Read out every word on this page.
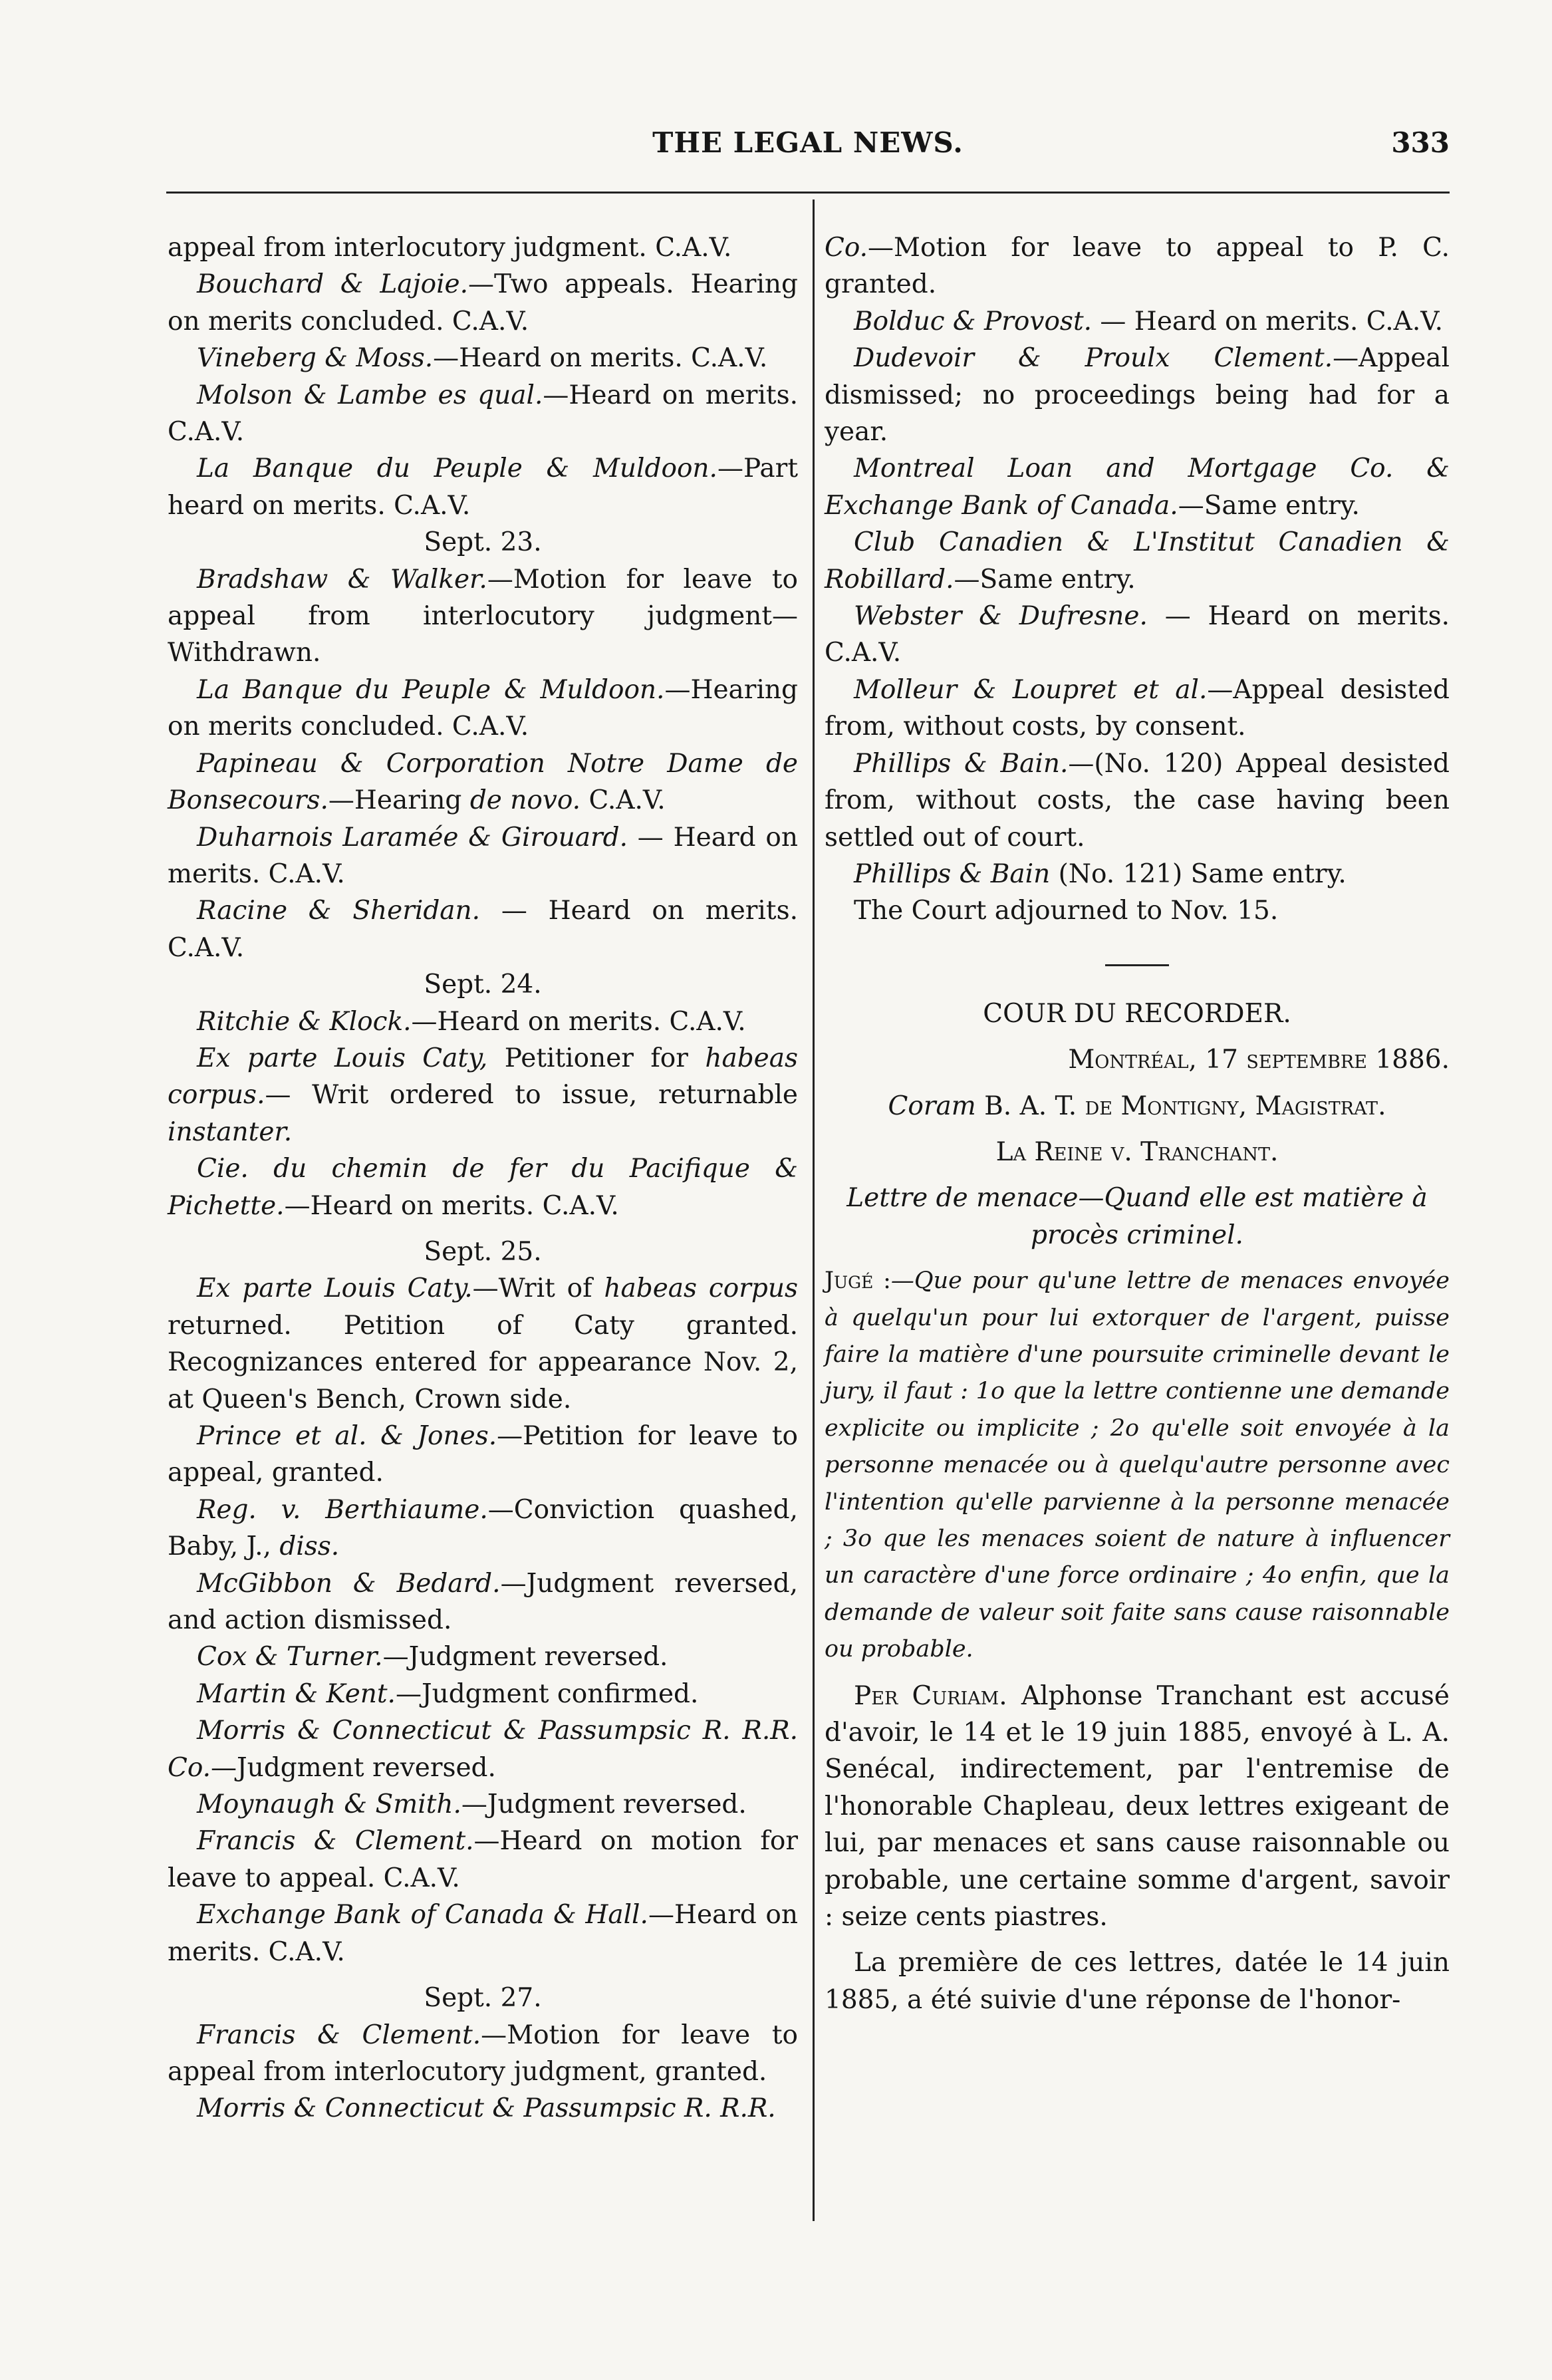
THE LEGAL NEWS.	333

appeal from interlocutory judgment. C.A.V.

Bouchard & Lajoie.—Two appeals. Hearing on merits concluded. C.A.V.

Vineberg & Moss.—Heard on merits. C.A.V.

Molson & Lambe es qual.—Heard on merits. C.A.V.

La Banque du Peuple & Muldoon.—Part heard on merits. C.A.V.

Sept. 23.

Bradshaw & Walker.—Motion for leave to appeal from interlocutory judgment—Withdrawn.

La Banque du Peuple & Muldoon.—Hearing on merits concluded. C.A.V.

Papineau & Corporation Notre Dame de Bonsecours.—Hearing de novo. C.A.V.

Duharnois Laramée & Girouard. — Heard on merits. C.A.V.

Racine & Sheridan. — Heard on merits. C.A.V.

Sept. 24.

Ritchie & Klock.—Heard on merits. C.A.V.

Ex parte Louis Caty, Petitioner for habeas corpus.— Writ ordered to issue, returnable instanter.

Cie. du chemin de fer du Pacifique & Pichette.—Heard on merits. C.A.V.

Sept. 25.

Ex parte Louis Caty.—Writ of habeas corpus returned. Petition of Caty granted. Recognizances entered for appearance Nov. 2, at Queen's Bench, Crown side.

Prince et al. & Jones.—Petition for leave to appeal, granted.

Reg. v. Berthiaume.—Conviction quashed, Baby, J., diss.

McGibbon & Bedard.—Judgment reversed, and action dismissed.

Cox & Turner.—Judgment reversed.

Martin & Kent.—Judgment confirmed.

Morris & Connecticut & Passumpsic R. R.R. Co.—Judgment reversed.

Moynaugh & Smith.—Judgment reversed.

Francis & Clement.—Heard on motion for leave to appeal. C.A.V.

Exchange Bank of Canada & Hall.—Heard on merits. C.A.V.

Sept. 27.

Francis & Clement.—Motion for leave to appeal from interlocutory judgment, granted.

Morris & Connecticut & Passumpsic R. R.R.

Co.—Motion for leave to appeal to P. C. granted.

Bolduc & Provost. — Heard on merits. C.A.V.

Dudevoir & Proulx Clement.—Appeal dismissed; no proceedings being had for a year.

Montreal Loan and Mortgage Co. & Exchange Bank of Canada.—Same entry.

Club Canadien & L'Institut Canadien & Robillard.—Same entry.

Webster & Dufresne. — Heard on merits. C.A.V.

Molleur & Loupret et al.—Appeal desisted from, without costs, by consent.

Phillips & Bain.—(No. 120) Appeal desisted from, without costs, the case having been settled out of court.

Phillips & Bain (No. 121) Same entry.

The Court adjourned to Nov. 15.

COUR DU RECORDER.

Montréal, 17 septembre 1886.

Coram B. A. T. de Montigny, Magistrat.

La Reine v. Tranchant.

Lettre de menace—Quand elle est matière à procès criminel.

Jugé :—Que pour qu'une lettre de menaces envoyée à quelqu'un pour lui extorquer de l'argent, puisse faire la matière d'une poursuite criminelle devant le jury, il faut : 1o que la lettre contienne une demande explicite ou implicite ; 2o qu'elle soit envoyée à la personne menacée ou à quelqu'autre personne avec l'intention qu'elle parvienne à la personne menacée ; 3o que les menaces soient de nature à influencer un caractère d'une force ordinaire ; 4o enfin, que la demande de valeur soit faite sans cause raisonnable ou probable.

Per Curiam. Alphonse Tranchant est accusé d'avoir, le 14 et le 19 juin 1885, envoyé à L. A. Senécal, indirectement, par l'entremise de l'honorable Chapleau, deux lettres exigeant de lui, par menaces et sans cause raisonnable ou probable, une certaine somme d'argent, savoir : seize cents piastres.

La première de ces lettres, datée le 14 juin 1885, a été suivie d'une réponse de l'honor-
